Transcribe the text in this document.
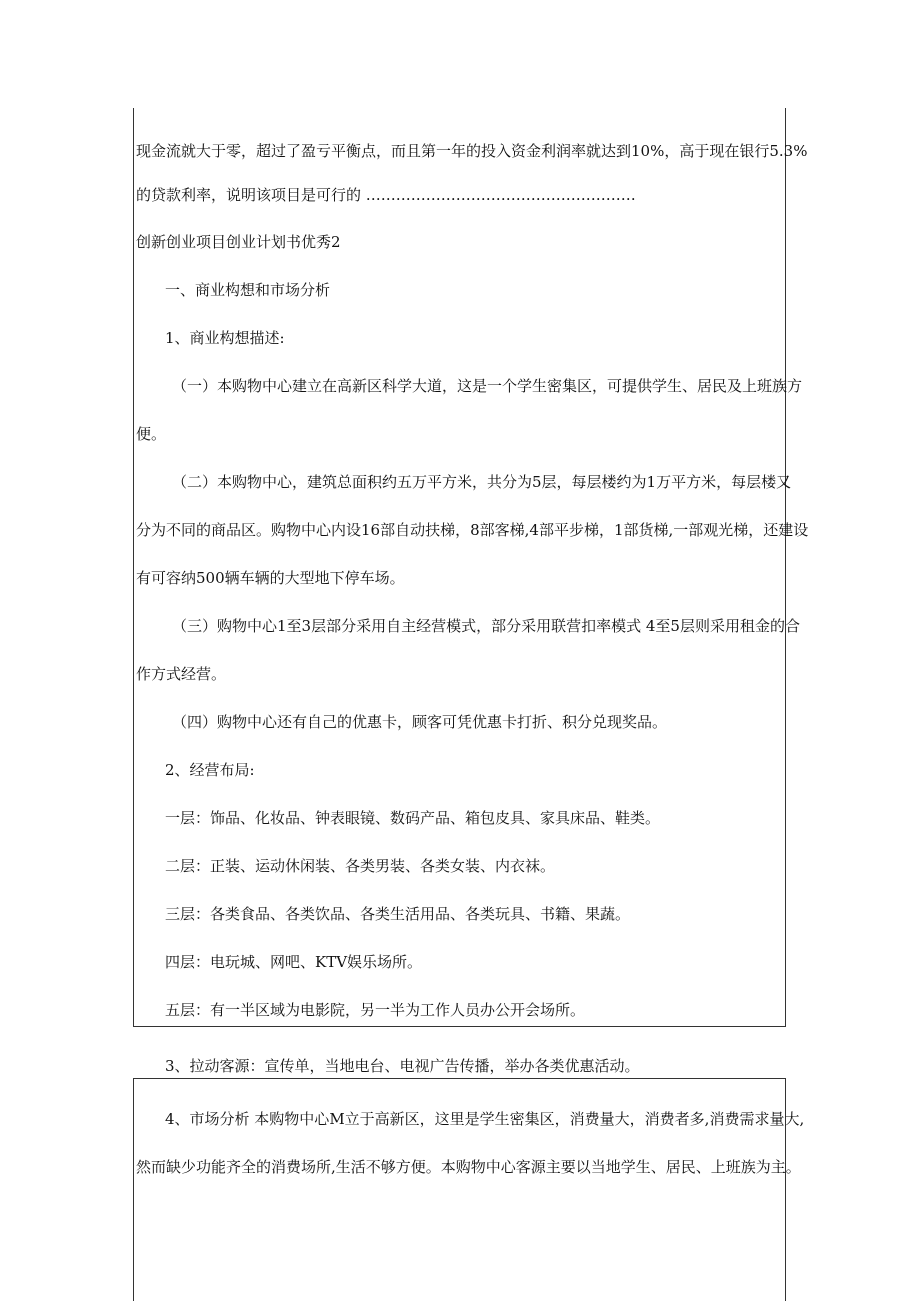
现金流就大于零，超过了盈亏平衡点，而且第一年的投入资金利润率就达到10%，高于现在银行5.3%

的贷款利率，说明该项目是可行的 ………………………………………………

创新创业项目创业计划书优秀2

一、商业构想和市场分析

1、商业构想描述:

（一）本购物中心建立在高新区科学大道，这是一个学生密集区，可提供学生、居民及上班族方

便。

（二）本购物中心，建筑总面积约五万平方米，共分为5层，每层楼约为1万平方米，每层楼又

分为不同的商品区。购物中心内设16部自动扶梯，8部客梯,4部平步梯，1部货梯,一部观光梯，还建设

有可容纳500辆车辆的大型地下停车场。

（三）购物中心1至3层部分采用自主经营模式，部分采用联营扣率模式 4至5层则采用租金的合

作方式经营。

（四）购物中心还有自己的优惠卡，顾客可凭优惠卡打折、积分兑现奖品。

2、经营布局:

一层：饰品、化妆品、钟表眼镜、数码产品、箱包皮具、家具床品、鞋类。

二层：正装、运动休闲装、各类男装、各类女装、内衣袜。

三层：各类食品、各类饮品、各类生活用品、各类玩具、书籍、果蔬。

四层：电玩城、网吧、KTV娱乐场所。

五层：有一半区域为电影院，另一半为工作人员办公开会场所。

3、拉动客源：宣传单，当地电台、电视广告传播，举办各类优惠活动。

4、市场分析 本购物中心M立于高新区，这里是学生密集区，消费量大，消费者多,消费需求量大,

然而缺少功能齐全的消费场所,生活不够方便。本购物中心客源主要以当地学生、居民、上班族为主。
